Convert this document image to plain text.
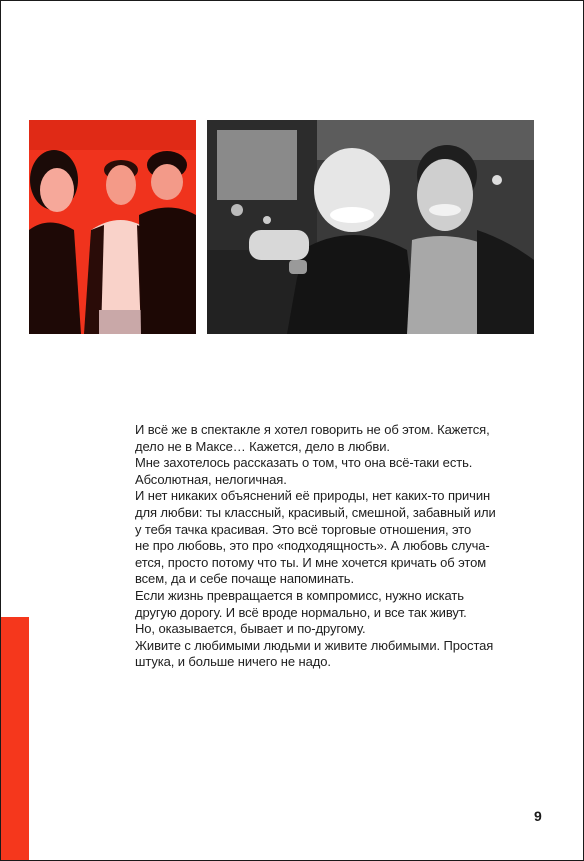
И всё же в спектакле я хотел говорить не об этом. Кажется,
дело не в Максе… Кажется, дело в любви.
Мне захотелось рассказать о том, что она всё-таки есть.
Абсолютная, нелогичная.
И нет никаких объяснений её природы, нет каких-то причин
для любви: ты классный, красивый, смешной, забавный или
у тебя тачка красивая. Это всё торговые отношения, это
не про любовь, это про «подходящность». А любовь случа-
ется, просто потому что ты. И мне хочется кричать об этом
всем, да и себе почаще напоминать.
Если жизнь превращается в компромисс, нужно искать
другую дорогу. И всё вроде нормально, и все так живут.
Но, оказывается, бывает и по-другому.
Живите с любимыми людьми и живите любимыми. Простая
штука, и больше ничего не надо.
9
